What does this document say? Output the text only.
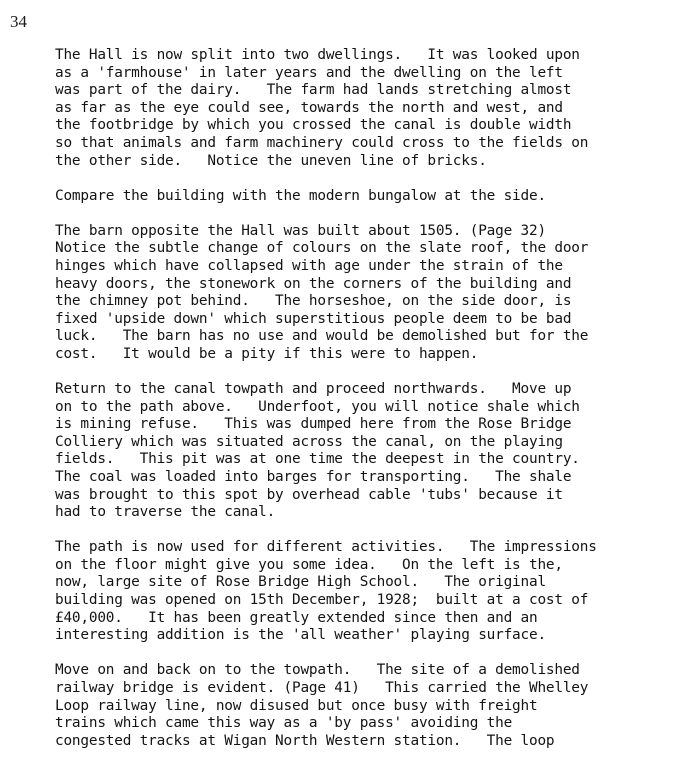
34
The Hall is now split into two dwellings.   It was looked upon
as a 'farmhouse' in later years and the dwelling on the left
was part of the dairy.   The farm had lands stretching almost
as far as the eye could see, towards the north and west, and
the footbridge by which you crossed the canal is double width
so that animals and farm machinery could cross to the fields on
the other side.   Notice the uneven line of bricks.
Compare the building with the modern bungalow at the side.
The barn opposite the Hall was built about 1505. (Page 32)
Notice the subtle change of colours on the slate roof, the door
hinges which have collapsed with age under the strain of the
heavy doors, the stonework on the corners of the building and
the chimney pot behind.   The horseshoe, on the side door, is
fixed 'upside down' which superstitious people deem to be bad
luck.   The barn has no use and would be demolished but for the
cost.   It would be a pity if this were to happen.
Return to the canal towpath and proceed northwards.   Move up
on to the path above.   Underfoot, you will notice shale which
is mining refuse.   This was dumped here from the Rose Bridge
Colliery which was situated across the canal, on the playing
fields.   This pit was at one time the deepest in the country.
The coal was loaded into barges for transporting.   The shale
was brought to this spot by overhead cable 'tubs' because it
had to traverse the canal.
The path is now used for different activities.   The impressions
on the floor might give you some idea.   On the left is the,
now, large site of Rose Bridge High School.   The original
building was opened on 15th December, 1928;  built at a cost of
£40,000.   It has been greatly extended since then and an
interesting addition is the 'all weather' playing surface.
Move on and back on to the towpath.   The site of a demolished
railway bridge is evident. (Page 41)   This carried the Whelley
Loop railway line, now disused but once busy with freight
trains which came this way as a 'by pass' avoiding the
congested tracks at Wigan North Western station.   The loop
